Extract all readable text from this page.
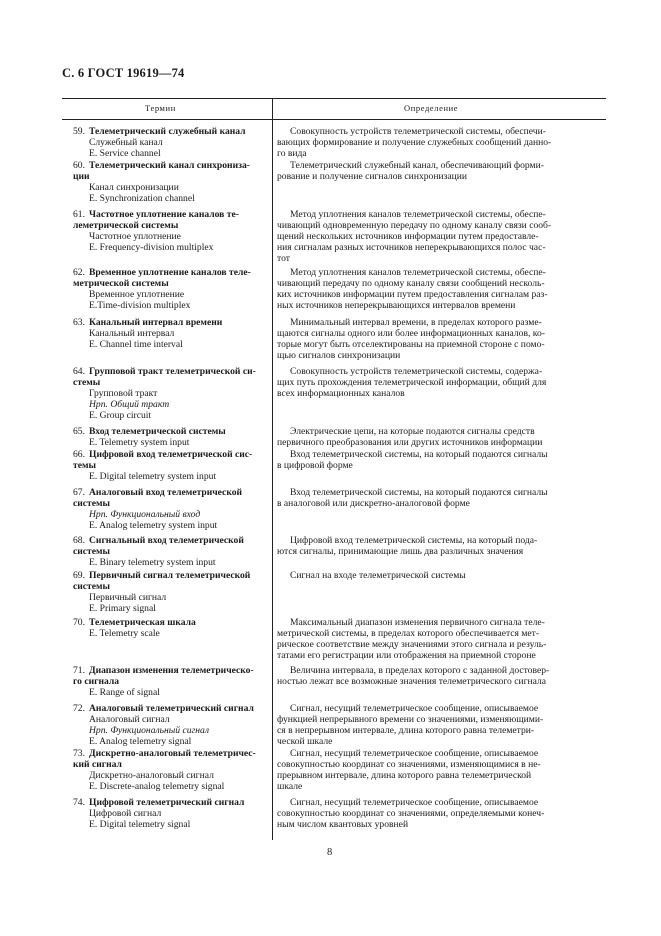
С. 6 ГОСТ 19619—74
Термин	Определение
59. Телеметрический служебный канал
Служебный канал
E. Service channel
Совокупность устройств телеметрической системы, обеспечи-
вающих формирование и получение служебных сообщений данно-
го вида
60. Телеметрический канал синхрониза-
ции
Канал синхронизации
E. Synchronization channel
Телеметрический служебный канал, обеспечивающий форми-
рование и получение сигналов синхронизации
61. Частотное уплотнение каналов те-
леметрической системы
Частотное уплотнение
E. Frequency-division multiplex
Метод уплотнения каналов телеметрической системы, обеспе-
чивающий одновременную передачу по одному каналу связи сооб-
щений нескольких источников информации путем предоставле-
ния сигналам разных источников неперекрывающихся полос час-
тот
62. Временное уплотнение каналов теле-
метрической системы
Временное уплотнение
E.Time-division multiplex
Метод уплотнения каналов телеметрической системы, обеспе-
чивающий передачу по одному каналу связи сообщений несколь-
ких источников информации путем предоставления сигналам раз-
ных источников неперекрывающихся интервалов времени
63. Канальный интервал времени
Канальный интервал
E. Channel time interval
Минимальный интервал времени, в пределах которого разме-
щаются сигналы одного или более информационных каналов, ко-
торые могут быть отселектированы на приемной стороне с помо-
щью сигналов синхронизации
64. Групповой тракт телеметрической си-
стемы
Групповой тракт
Нрп. Общий тракт
E. Group circuit
Совокупность устройств телеметрической системы, содержа-
щих путь прохождения телеметрической информации, общий для
всех информационных каналов
65. Вход телеметрической системы
E. Telemetry system input
Электрические цепи, на которые подаются сигналы средств
первичного преобразования или других источников информации
66. Цифровой вход телеметрической сис-
темы
E. Digital telemetry system input
Вход телеметрической системы, на который подаются сигналы
в цифровой форме
67. Аналоговый вход телеметрической
системы
Нрп. Функциональный вход
E. Analog telemetry system input
Вход телеметрической системы, на который подаются сигналы
в аналоговой или дискретно-аналоговой форме
68. Сигнальный вход телеметрической
системы
E. Binary telemetry system input
Цифровой вход телеметрической системы, на который пода-
ются сигналы, принимающие лишь два различных значения
69. Первичный сигнал телеметрической
системы
Первичный сигнал
E. Primary signal
Сигнал на входе телеметрической системы
70. Телеметрическая шкала
E. Telemetry scale
Максимальный диапазон изменения первичного сигнала теле-
метрической системы, в пределах которого обеспечивается мет-
рическое соответствие между значениями этого сигнала и резуль-
татами его регистрации или отображения на приемной стороне
71. Диапазон изменения телеметрическо-
го сигнала
E. Range of signal
Величина интервала, в пределах которого с заданной достовер-
ностью лежат все возможные значения телеметрического сигнала
72. Аналоговый телеметрический сигнал
Аналоговый сигнал
Нрп. Функциональный сигнал
E. Analog telemetry signal
Сигнал, несущий телеметрическое сообщение, описываемое
функцией непрерывного времени со значениями, изменяющими-
ся в непрерывном интервале, длина которого равна телеметри-
ческой шкале
73. Дискретно-аналоговый телеметричес-
кий сигнал
Дискретно-аналоговый сигнал
E. Discrete-analog telemetry signal
Сигнал, несущий телеметрическое сообщение, описываемое
совокупностью координат со значениями, изменяющимися в не-
прерывном интервале, длина которого равна телеметрической
шкале
74. Цифровой телеметрический сигнал
Цифровой сигнал
E. Digital telemetry signal
Сигнал, несущий телеметрическое сообщение, описываемое
совокупностью координат со значениями, определяемыми конеч-
ным числом квантовых уровней
8
